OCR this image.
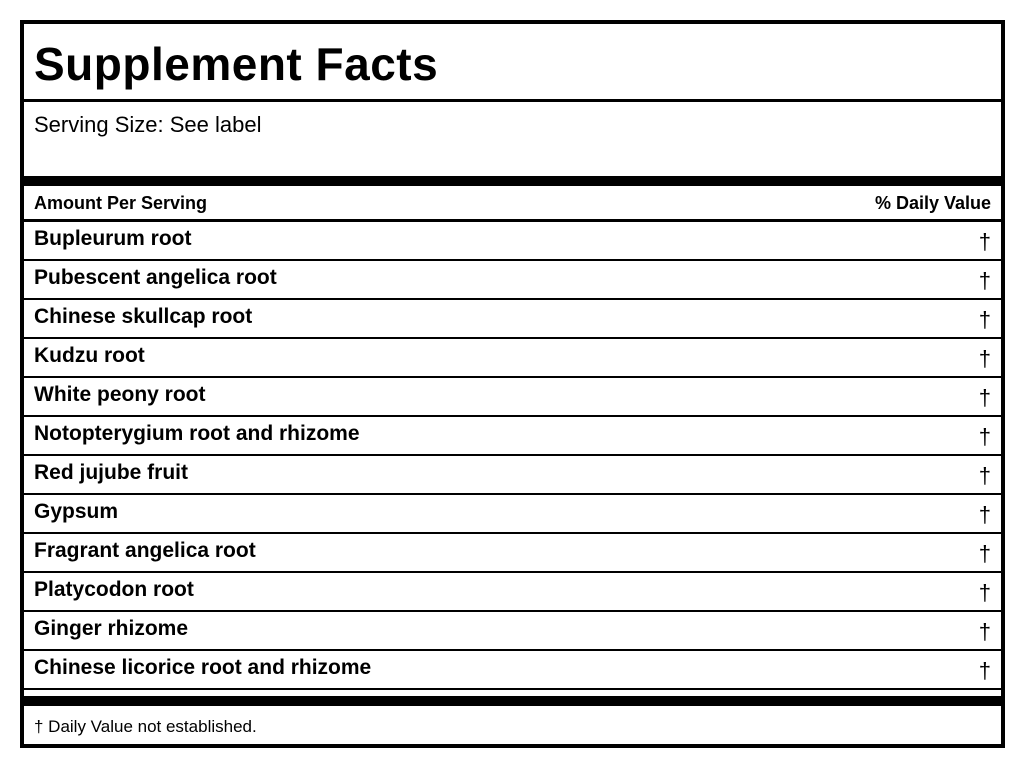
Supplement Facts
Serving Size: See label
Amount Per Serving	% Daily Value
Bupleurum root	†
Pubescent angelica root	†
Chinese skullcap root	†
Kudzu root	†
White peony root	†
Notopterygium root and rhizome	†
Red jujube fruit	†
Gypsum	†
Fragrant angelica root	†
Platycodon root	†
Ginger rhizome	†
Chinese licorice root and rhizome	†
† Daily Value not established.
